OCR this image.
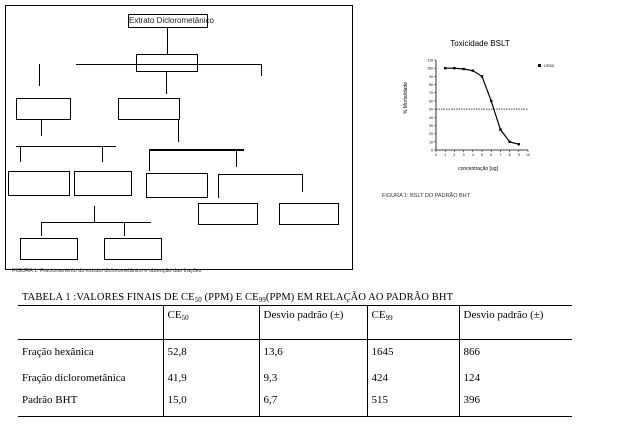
Extrato Diclorometânico
FIGURA 1: Fracionamento do extrato diclorometânico e obtenção das frações
Toxicidade BSLT
% Mortalidade
concentração [ug]
CE50
0
10
20
30
40
50
60
70
80
90
100
110
0 1 2 3 4 5 6 7 8 9 10
FIGURA 1: BSLT DO PADRÃO BHT
TABELA 1 :VALORES FINAIS DE $CE_{50}$ (PPM) E $CE_{99}(PPM)$ EM RELAÇÃO AO PADRÃO BHT
	$CE_{50}$	Desvio padrão (±)	$CE_{99}$	Desvio padrão (±)
Fração hexânica	52,8	13,6	1645	866
Fração diclorometânica	41,9	9,3	424	124
Padrão BHT	15,0	6,7	515	396
